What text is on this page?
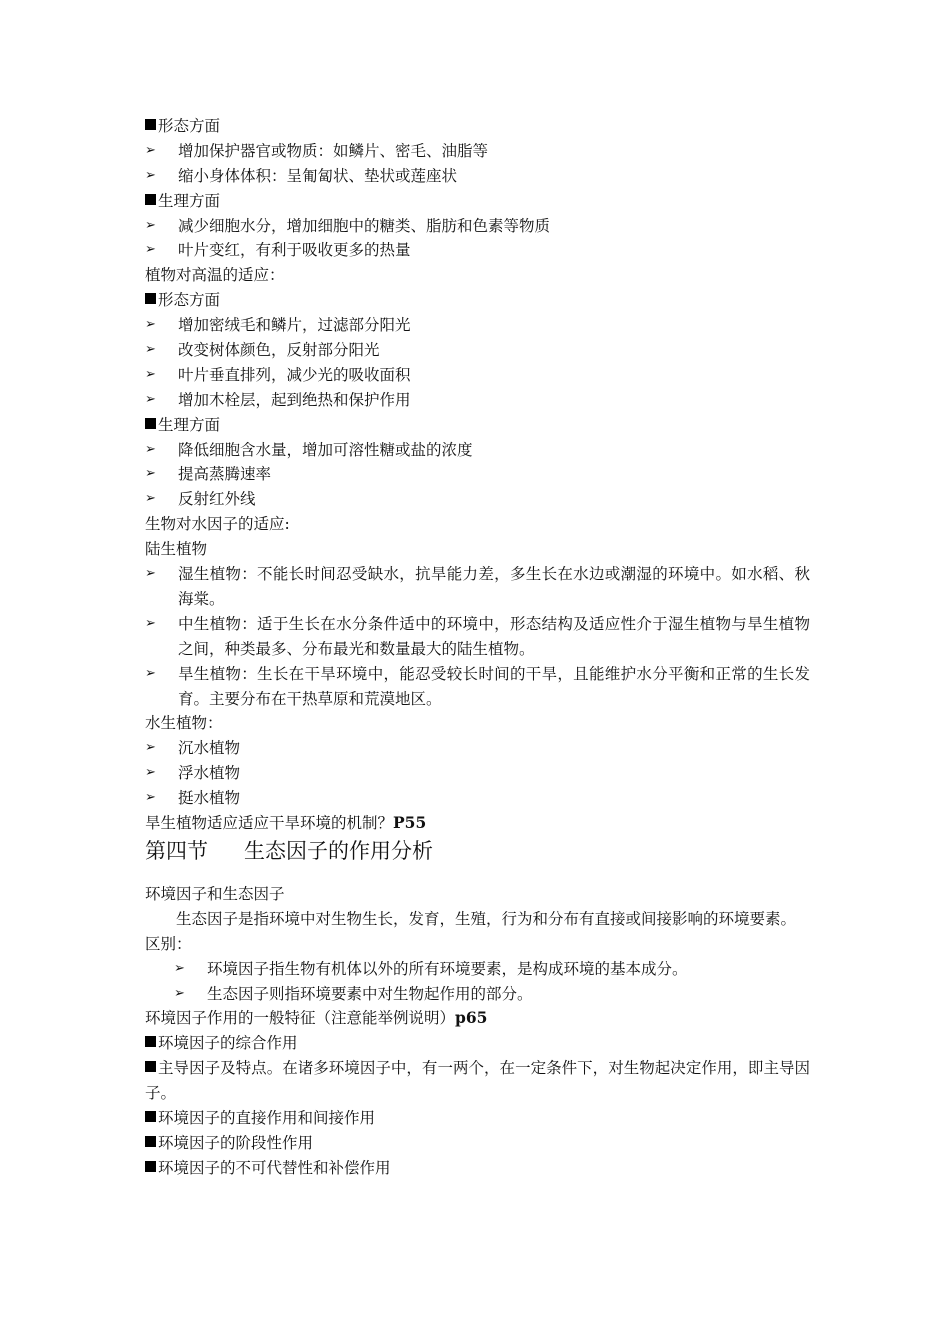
形态方面
➢ 增加保护器官或物质：如鳞片、密毛、油脂等
➢ 缩小身体体积：呈匍匐状、垫状或莲座状
生理方面
➢ 减少细胞水分，增加细胞中的糖类、脂肪和色素等物质
➢ 叶片变红，有利于吸收更多的热量
植物对高温的适应：
形态方面
➢ 增加密绒毛和鳞片，过滤部分阳光
➢ 改变树体颜色，反射部分阳光
➢ 叶片垂直排列，减少光的吸收面积
➢ 增加木栓层，起到绝热和保护作用
生理方面
➢ 降低细胞含水量，增加可溶性糖或盐的浓度
➢ 提高蒸腾速率
➢ 反射红外线
生物对水因子的适应:
陆生植物
➢ 湿生植物：不能长时间忍受缺水，抗旱能力差，多生长在水边或潮湿的环境中。如水稻、秋海棠。
➢ 中生植物：适于生长在水分条件适中的环境中，形态结构及适应性介于湿生植物与旱生植物之间，种类最多、分布最光和数量最大的陆生植物。
➢ 旱生植物：生长在干旱环境中，能忍受较长时间的干旱，且能维护水分平衡和正常的生长发育。主要分布在干热草原和荒漠地区。
水生植物：
➢ 沉水植物
➢ 浮水植物
➢ 挺水植物
旱生植物适应适应干旱环境的机制？P55
第四节 生态因子的作用分析
环境因子和生态因子
生态因子是指环境中对生物生长，发育，生殖，行为和分布有直接或间接影响的环境要素。区别：
➢ 环境因子指生物有机体以外的所有环境要素，是构成环境的基本成分。
➢ 生态因子则指环境要素中对生物起作用的部分。
环境因子作用的一般特征（注意能举例说明）p65
环境因子的综合作用
主导因子及特点。在诸多环境因子中，有一两个，在一定条件下，对生物起决定作用，即主导因子。
环境因子的直接作用和间接作用
环境因子的阶段性作用
环境因子的不可代替性和补偿作用
